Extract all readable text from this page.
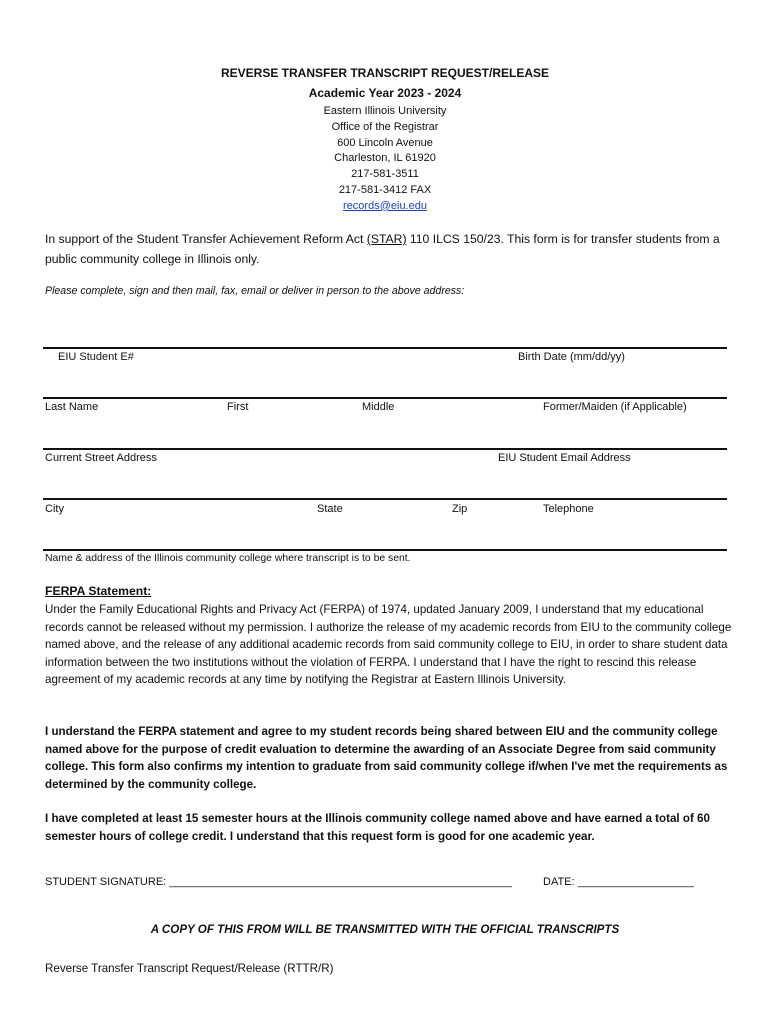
REVERSE TRANSFER TRANSCRIPT REQUEST/RELEASE
Academic Year 2023 - 2024
Eastern Illinois University
Office of the Registrar
600 Lincoln Avenue
Charleston, IL 61920
217-581-3511
217-581-3412 FAX
records@eiu.edu
In support of the Student Transfer Achievement Reform Act (STAR) 110 ILCS 150/23. This form is for transfer students from a public community college in Illinois only.
Please complete, sign and then mail, fax, email or deliver in person to the above address:
EIU Student E#	Birth Date (mm/dd/yy)
Last Name	First	Middle	Former/Maiden (if Applicable)
Current Street Address	EIU Student Email Address
City	State	Zip	Telephone
Name & address of the Illinois community college where transcript is to be sent.
FERPA Statement:
Under the Family Educational Rights and Privacy Act (FERPA) of 1974, updated January 2009, I understand that my educational records cannot be released without my permission. I authorize the release of my academic records from EIU to the community college named above, and the release of any additional academic records from said community college to EIU, in order to share student data information between the two institutions without the violation of FERPA. I understand that I have the right to rescind this release agreement of my academic records at any time by notifying the Registrar at Eastern Illinois University.
I understand the FERPA statement and agree to my student records being shared between EIU and the community college named above for the purpose of credit evaluation to determine the awarding of an Associate Degree from said community college. This form also confirms my intention to graduate from said community college if/when I've met the requirements as determined by the community college.
I have completed at least 15 semester hours at the Illinois community college named above and have earned a total of 60 semester hours of college credit. I understand that this request form is good for one academic year.
STUDENT SIGNATURE: ________________________________________________________	DATE: ___________________
A COPY OF THIS FROM WILL BE TRANSMITTED WITH THE OFFICIAL TRANSCRIPTS
Reverse Transfer Transcript Request/Release (RTTR/R)
